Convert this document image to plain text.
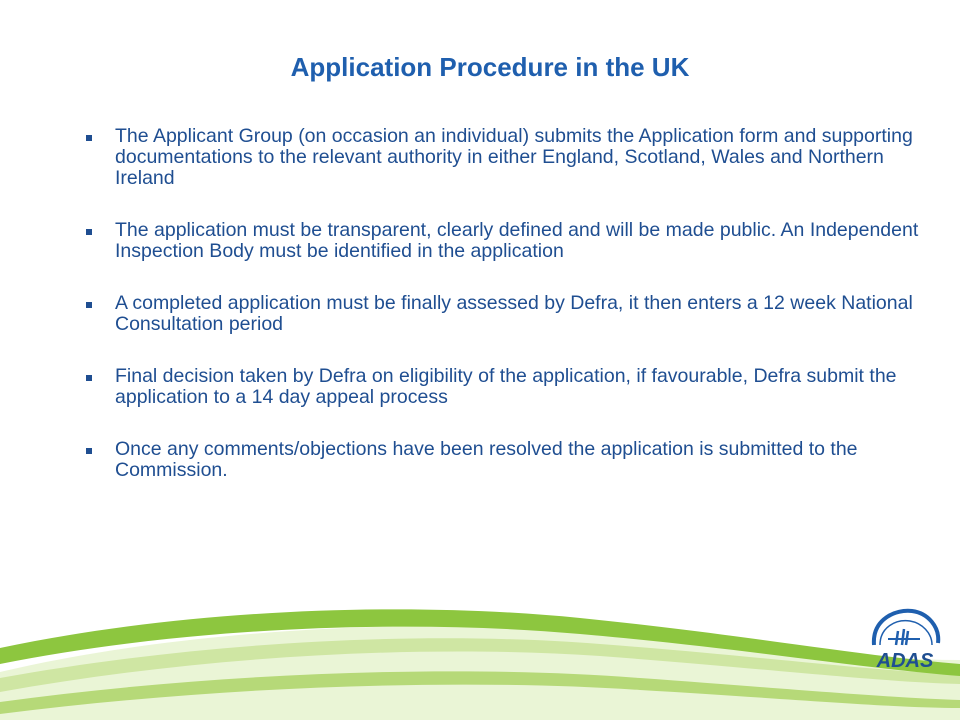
Application Procedure in the UK
The Applicant Group (on occasion an individual) submits the Application form and supporting documentations to the relevant authority in either England, Scotland, Wales and Northern Ireland
The application must be transparent, clearly defined and will be made public. An Independent Inspection Body must be identified in the application
A completed application must be finally assessed by Defra, it then enters a 12 week National Consultation period
Final decision taken by Defra on eligibility of the application, if favourable, Defra submit the application to a 14 day appeal process
Once any comments/objections have been resolved the application is submitted to the Commission.
ADAS
